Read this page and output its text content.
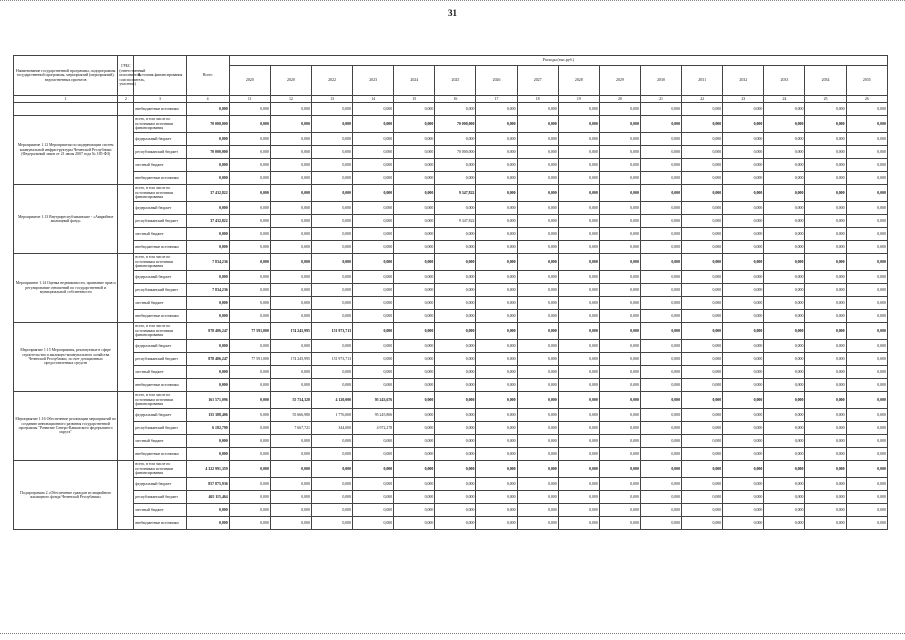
31
Наименование государственной программы, подпрограммы государственной программы, мероприятий (мероприятий), ведомственных проектов	ГРБС (ответственный исполнитель, соисполнитель, участник)	Источник финансирования	Всего	Расходы (тыс.руб.)															
				2020	2020	2022	2023	2024	2025	2026	2027	2028	2029	2030	2031	2032	2033	2034	2035
1	2	3	4	11	12	13	14	15	16	17	18	19	20	21	22	23	24	25	26
		внебюджетные источники	0,000	0,000	0,000	0,000	0,000	0,000	0,000	0,000	0,000	0,000	0,000	0,000	0,000	0,000	0,000	0,000	0,000
Мероприятие 1.12 Мероприятия по модернизации систем коммунальной инфраструктуры Чеченской Республики (Федеральный закон от 21 июля 2007 года № 185-ФЗ)		всего, в том числе по источникам источники финансирования	70 000,000	0,000	0,000	0,000	0,000	0,000	70 000,000	0,000	0,000	0,000	0,000	0,000	0,000	0,000	0,000	0,000	0,000
		федеральный бюджет	0,000	0,000	0,000	0,000	0,000	0,000	0,000	0,000	0,000	0,000	0,000	0,000	0,000	0,000	0,000	0,000	0,000
		республиканский бюджет	70 000,000	0,000	0,000	0,000	0,000	0,000	70 000,000	0,000	0,000	0,000	0,000	0,000	0,000	0,000	0,000	0,000	0,000
		местный бюджет	0,000	0,000	0,000	0,000	0,000	0,000	0,000	0,000	0,000	0,000	0,000	0,000	0,000	0,000	0,000	0,000	0,000
		внебюджетные источники	0,000	0,000	0,000	0,000	0,000	0,000	0,000	0,000	0,000	0,000	0,000	0,000	0,000	0,000	0,000	0,000	0,000
Мероприятие 1.13 Внутриреспубликанские - «Аварийное жилищный фонд»		всего, в том числе по источникам источники финансирования	37 432,822	0,000	0,000	0,000	0,000	0,000	9 347,822	0,000	0,000	0,000	0,000	0,000	0,000	0,000	0,000	0,000	0,000
		федеральный бюджет	0,000	0,000	0,000	0,000	0,000	0,000	0,000	0,000	0,000	0,000	0,000	0,000	0,000	0,000	0,000	0,000	0,000
		республиканский бюджет	37 432,822	0,000	0,000	0,000	0,000	0,000	9 347,822	0,000	0,000	0,000	0,000	0,000	0,000	0,000	0,000	0,000	0,000
		местный бюджет	0,000	0,000	0,000	0,000	0,000	0,000	0,000	0,000	0,000	0,000	0,000	0,000	0,000	0,000	0,000	0,000	0,000
		внебюджетные источники	0,000	0,000	0,000	0,000	0,000	0,000	0,000	0,000	0,000	0,000	0,000	0,000	0,000	0,000	0,000	0,000	0,000
Мероприятие 1.14 Оценка недвижимости, признание прав и регулирование отношений по государственной и муниципальной собственности		всего, в том числе по источникам источники финансирования	7 834,236	0,000	0,000	0,000	0,000	0,000	0,000	0,000	0,000	0,000	0,000	0,000	0,000	0,000	0,000	0,000	0,000
		федеральный бюджет	0,000	0,000	0,000	0,000	0,000	0,000	0,000	0,000	0,000	0,000	0,000	0,000	0,000	0,000	0,000	0,000	0,000
		республиканский бюджет	7 834,236	0,000	0,000	0,000	0,000	0,000	0,000	0,000	0,000	0,000	0,000	0,000	0,000	0,000	0,000	0,000	0,000
		местный бюджет	0,000	0,000	0,000	0,000	0,000	0,000	0,000	0,000	0,000	0,000	0,000	0,000	0,000	0,000	0,000	0,000	0,000
		внебюджетные источники	0,000	0,000	0,000	0,000	0,000	0,000	0,000	0,000	0,000	0,000	0,000	0,000	0,000	0,000	0,000	0,000	0,000
Мероприятие 1.15 Мероприятия, реализуемые в сфере строительства и жилищно-коммунального хозяйства Чеченской Республики, за счет дотационных предоставленных средств		всего, в том числе по источникам источники финансирования	878 406,247	77 591,000	174 245,995	151 973,713	0,000	0,000	0,000	0,000	0,000	0,000	0,000	0,000	0,000	0,000	0,000	0,000	0,000
		федеральный бюджет	0,000	0,000	0,000	0,000	0,000	0,000	0,000	0,000	0,000	0,000	0,000	0,000	0,000	0,000	0,000	0,000	0,000
		республиканский бюджет	878 406,247	77 591,000	174 245,995	151 973,713	0,000	0,000	0,000	0,000	0,000	0,000	0,000	0,000	0,000	0,000	0,000	0,000	0,000
		местный бюджет	0,000	0,000	0,000	0,000	0,000	0,000	0,000	0,000	0,000	0,000	0,000	0,000	0,000	0,000	0,000	0,000	0,000
		внебюджетные источники	0,000	0,000	0,000	0,000	0,000	0,000	0,000	0,000	0,000	0,000	0,000	0,000	0,000	0,000	0,000	0,000	0,000
Мероприятие 1.16 Обеспечение реализации мероприятий по созданию инновационного развития государственной программы "Развитие Северо-Кавказского федерального округа"		всего, в том числе по источникам источники финансирования	161 571,096	0,000	55 754,328	4 120,000	95 243,676	0,000	0,000	0,000	0,000	0,000	0,000	0,000	0,000	0,000	0,000	0,000	0,000
		федеральный бюджет	155 388,406	0,000	55 666,980	1 776,000	95 245,806	0,000	0,000	0,000	0,000	0,000	0,000	0,000	0,000	0,000	0,000	0,000	0,000
		республиканский бюджет	6 182,790	0,000	7 667,721	344,000	4 972,278	0,000	0,000	0,000	0,000	0,000	0,000	0,000	0,000	0,000	0,000	0,000	0,000
		местный бюджет	0,000	0,000	0,000	0,000	0,000	0,000	0,000	0,000	0,000	0,000	0,000	0,000	0,000	0,000	0,000	0,000	0,000
		внебюджетные источники	0,000	0,000	0,000	0,000	0,000	0,000	0,000	0,000	0,000	0,000	0,000	0,000	0,000	0,000	0,000	0,000	0,000
Подпрограмма 2 «Обеспечение граждан из аварийного жилищного фонда Чеченской Республики»		всего, в том числе по источникам источники финансирования	4 322 991,359	0,000	0,000	0,000	0,000	0,000	0,000	0,000	0,000	0,000	0,000	0,000	0,000	0,000	0,000	0,000	0,000
		федеральный бюджет	857 875,936	0,000	0,000	0,000	0,000	0,000	0,000	0,000	0,000	0,000	0,000	0,000	0,000	0,000	0,000	0,000	0,000
		республиканский бюджет	465 115,464	0,000	0,000	0,000	0,000	0,000	0,000	0,000	0,000	0,000	0,000	0,000	0,000	0,000	0,000	0,000	0,000
		местный бюджет	0,000	0,000	0,000	0,000	0,000	0,000	0,000	0,000	0,000	0,000	0,000	0,000	0,000	0,000	0,000	0,000	0,000
		внебюджетные источники	0,000	0,000	0,000	0,000	0,000	0,000	0,000	0,000	0,000	0,000	0,000	0,000	0,000	0,000	0,000	0,000	0,000
